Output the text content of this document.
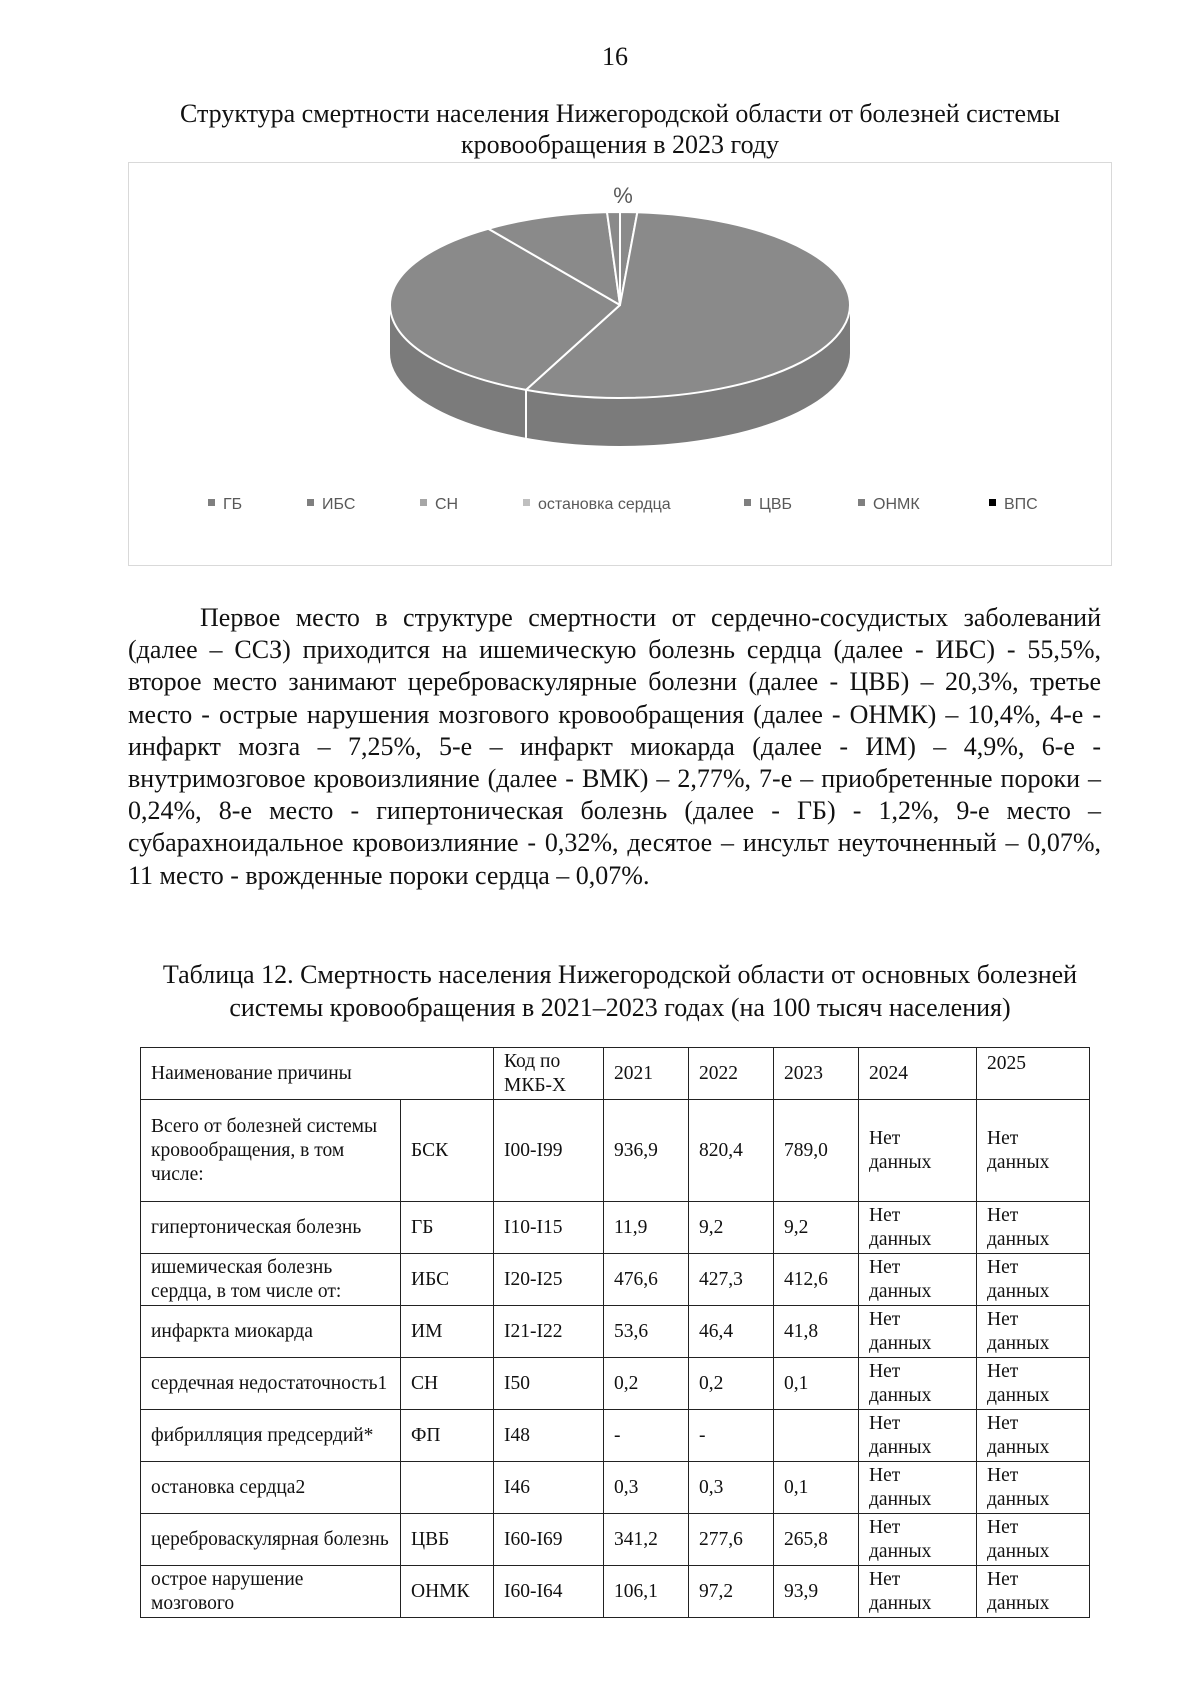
16
Структура смертности населения Нижегородской области от болезней системы кровообращения в 2023 году
%
ГБ	ИБС	СН	остановка сердца	ЦВБ	ОНМК	ВПС

Первое место в структуре смертности от сердечно-сосудистых заболеваний (далее – ССЗ) приходится на ишемическую болезнь сердца (далее - ИБС) - 55,5%, второе место занимают цереброваскулярные болезни (далее - ЦВБ) – 20,3%, третье место - острые нарушения мозгового кровообращения (далее - ОНМК) – 10,4%, 4-е - инфаркт мозга – 7,25%, 5-е – инфаркт миокарда (далее - ИМ) – 4,9%, 6-е - внутримозговое кровоизлияние (далее - ВМК) – 2,77%, 7-е – приобретенные пороки – 0,24%, 8-е место - гипертоническая болезнь (далее - ГБ) - 1,2%, 9-е место – субарахноидальное кровоизлияние - 0,32%, десятое – инсульт неуточненный – 0,07%, 11 место - врожденные пороки сердца – 0,07%.

Таблица 12. Смертность населения Нижегородской области от основных болезней системы кровообращения в 2021–2023 годах (на 100 тысяч населения)
Наименование причины		Код по МКБ-Х	2021	2022	2023	2024	2025
Всего от болезней системы кровообращения, в том числе:	БСК	I00-I99	936,9	820,4	789,0	Нет данных	Нет данных
гипертоническая болезнь	ГБ	I10-I15	11,9	9,2	9,2	Нет данных	Нет данных
ишемическая болезнь сердца, в том числе от:	ИБС	I20-I25	476,6	427,3	412,6	Нет данных	Нет данных
инфаркта миокарда	ИМ	I21-I22	53,6	46,4	41,8	Нет данных	Нет данных
сердечная недостаточность1	СН	I50	0,2	0,2	0,1	Нет данных	Нет данных
фибрилляция предсердий*	ФП	I48	-	-		Нет данных	Нет данных
остановка сердца2		I46	0,3	0,3	0,1	Нет данных	Нет данных
цереброваскулярная болезнь	ЦВБ	I60-I69	341,2	277,6	265,8	Нет данных	Нет данных
острое нарушение мозгового	ОНМК	I60-I64	106,1	97,2	93,9	Нет данных	Нет данных
